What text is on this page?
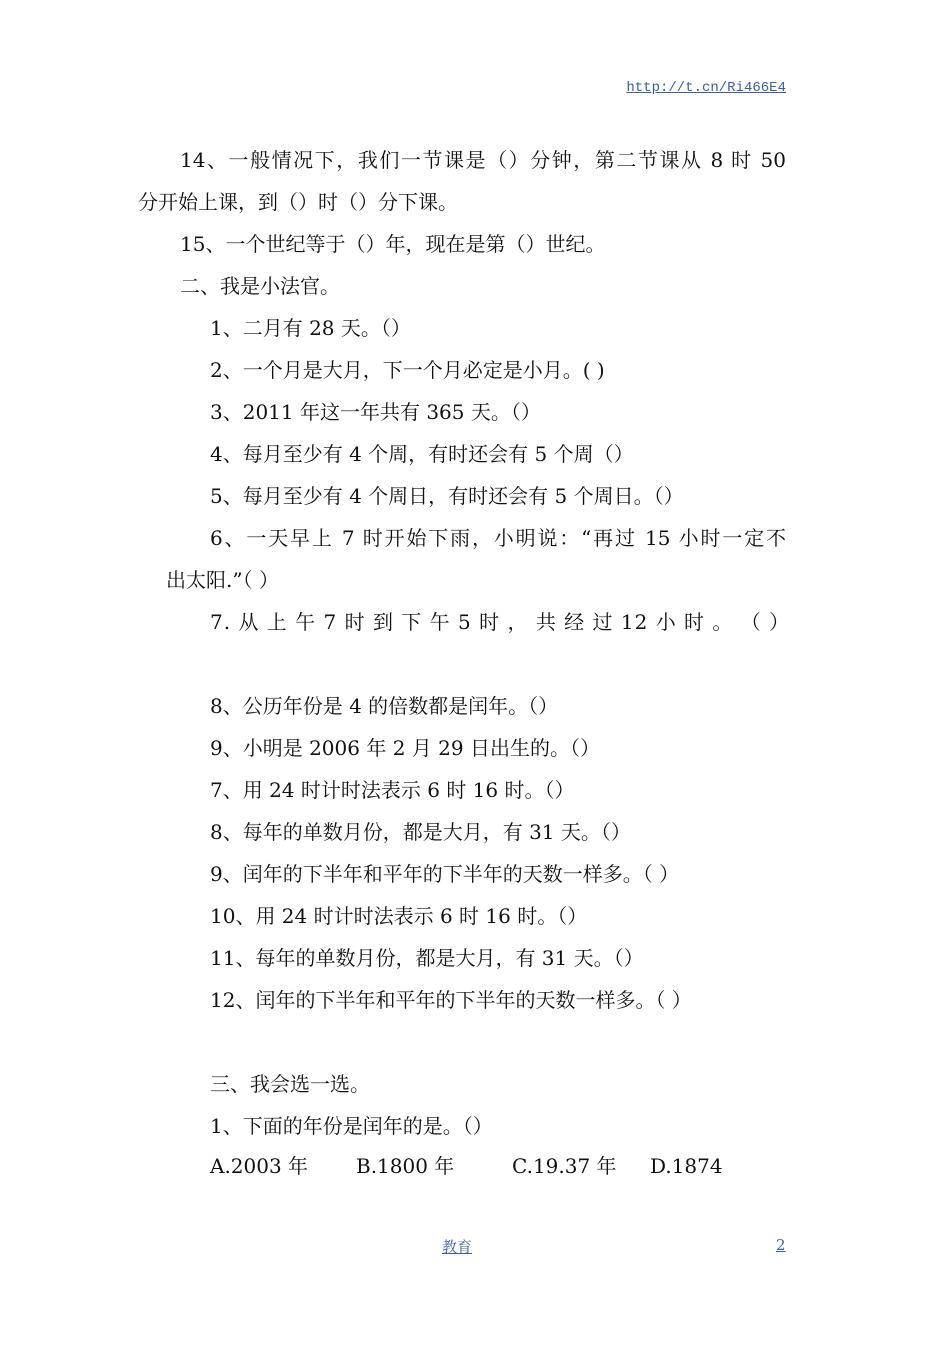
http://t.cn/Ri466E4
14、一般情况下，我们一节课是（）分钟，第二节课从 8 时 50
分开始上课，到（）时（）分下课。
15、一个世纪等于（）年，现在是第（）世纪。
二、我是小法官。
1、二月有 28 天。（）
2、一个月是大月，下一个月必定是小月。( )
3、2011 年这一年共有 365 天。（）
4、每月至少有 4 个周，有时还会有 5 个周（）
5、每月至少有 4 个周日，有时还会有 5 个周日。（）
6、一天早上 7 时开始下雨，小明说：“再过 15 小时一定不
出太阳.”（ ）
7. 从 上 午 7 时 到 下 午 5 时 ， 共 经 过 12 小 时 。 （ ）
8、公历年份是 4 的倍数都是闰年。（）
9、小明是 2006 年 2 月 29 日出生的。（）
7、用 24 时计时法表示 6 时 16 时。（）
8、每年的单数月份，都是大月，有 31 天。（）
9、闰年的下半年和平年的下半年的天数一样多。（ ）
10、用 24 时计时法表示 6 时 16 时。（）
11、每年的单数月份，都是大月，有 31 天。（）
12、闰年的下半年和平年的下半年的天数一样多。（ ）
三、我会选一选。
1、下面的年份是闰年的是。（）
A.2003 年 B.1800 年	C.19.37 年 D.1874
教育	2
